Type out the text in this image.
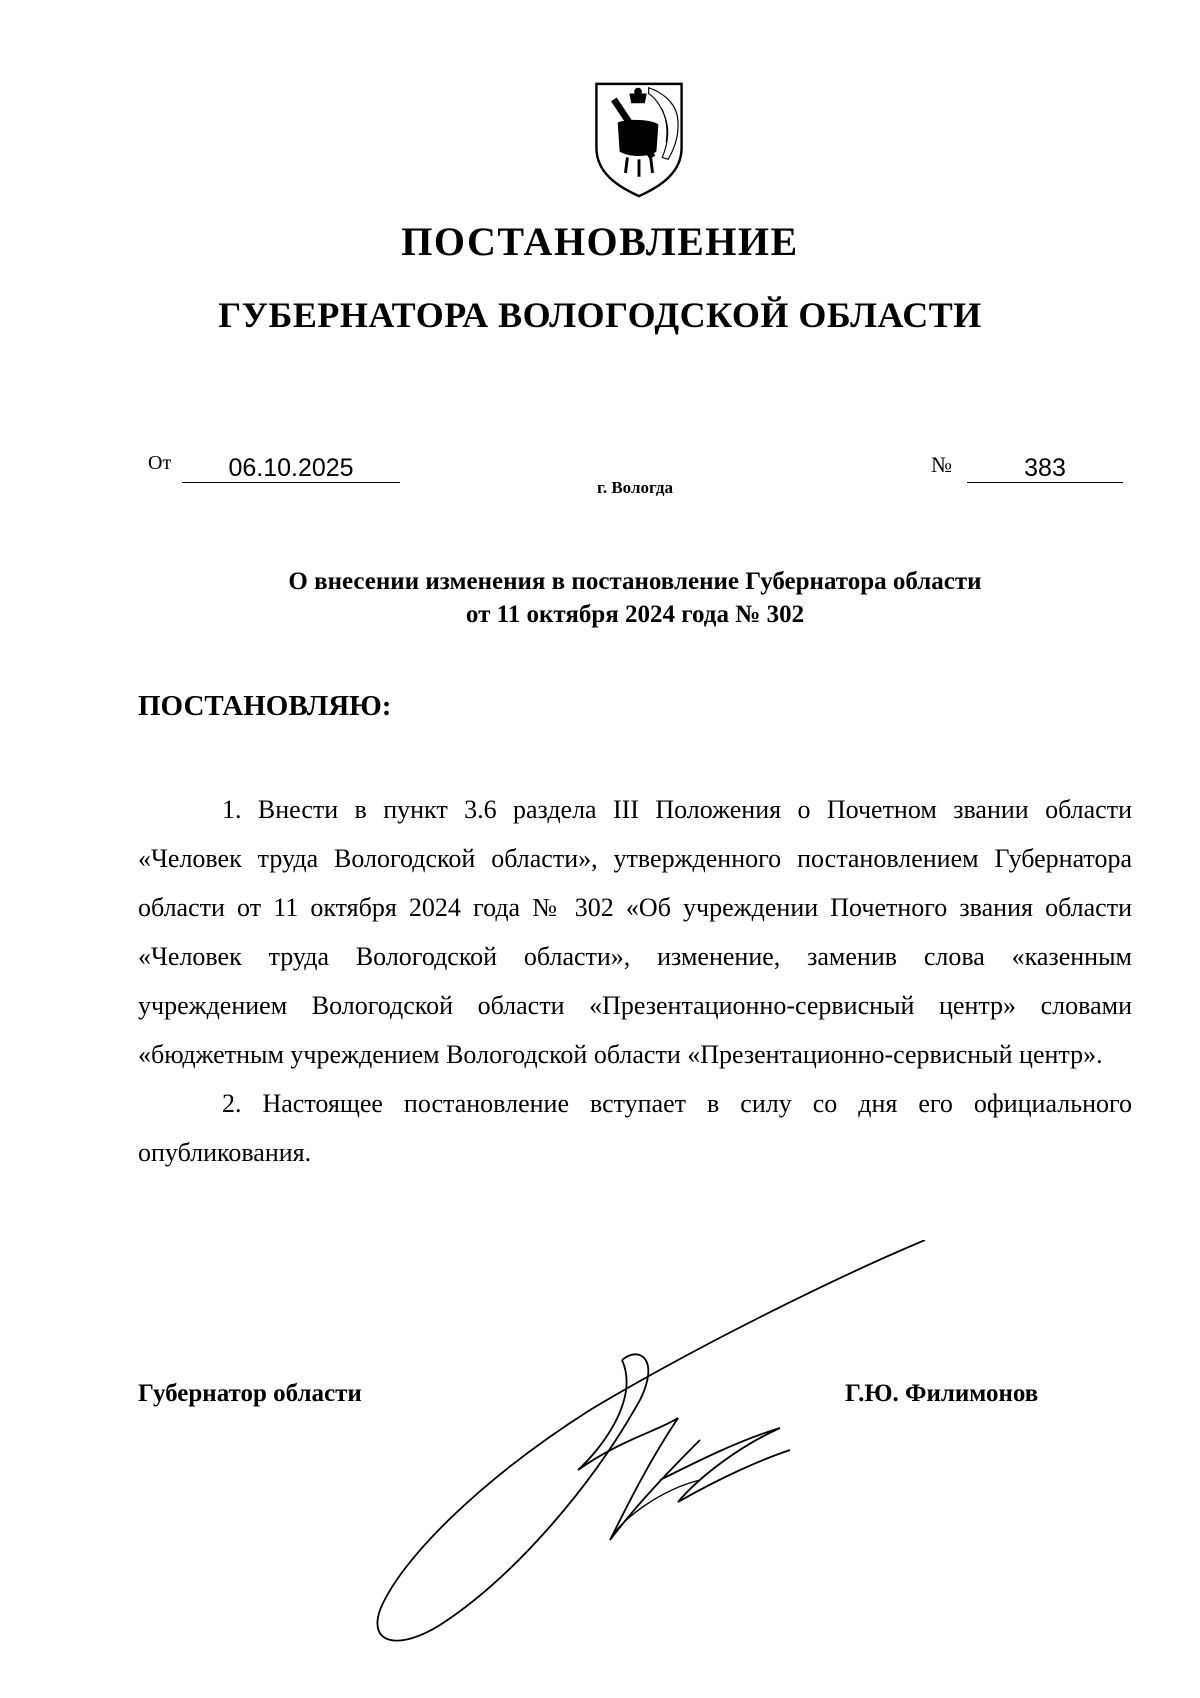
ПОСТАНОВЛЕНИЕ
ГУБЕРНАТОРА ВОЛОГОДСКОЙ ОБЛАСТИ
От	06.10.2025	№	383
г. Вологда
О внесении изменения в постановление Губернатора области
от 11 октября 2024 года № 302
ПОСТАНОВЛЯЮ:

1. Внести в пункт 3.6 раздела III Положения о Почетном звании области «Человек труда Вологодской области», утвержденного постановлением Губернатора области от 11 октября 2024 года № 302 «Об учреждении Почетного звания области «Человек труда Вологодской области», изменение, заменив слова «казенным учреждением Вологодской области «Презентационно-сервисный центр» словами «бюджетным учреждением Вологодской области «Презентационно-сервисный центр».

2. Настоящее постановление вступает в силу со дня его официального опубликования.

Губернатор области	Г.Ю. Филимонов
